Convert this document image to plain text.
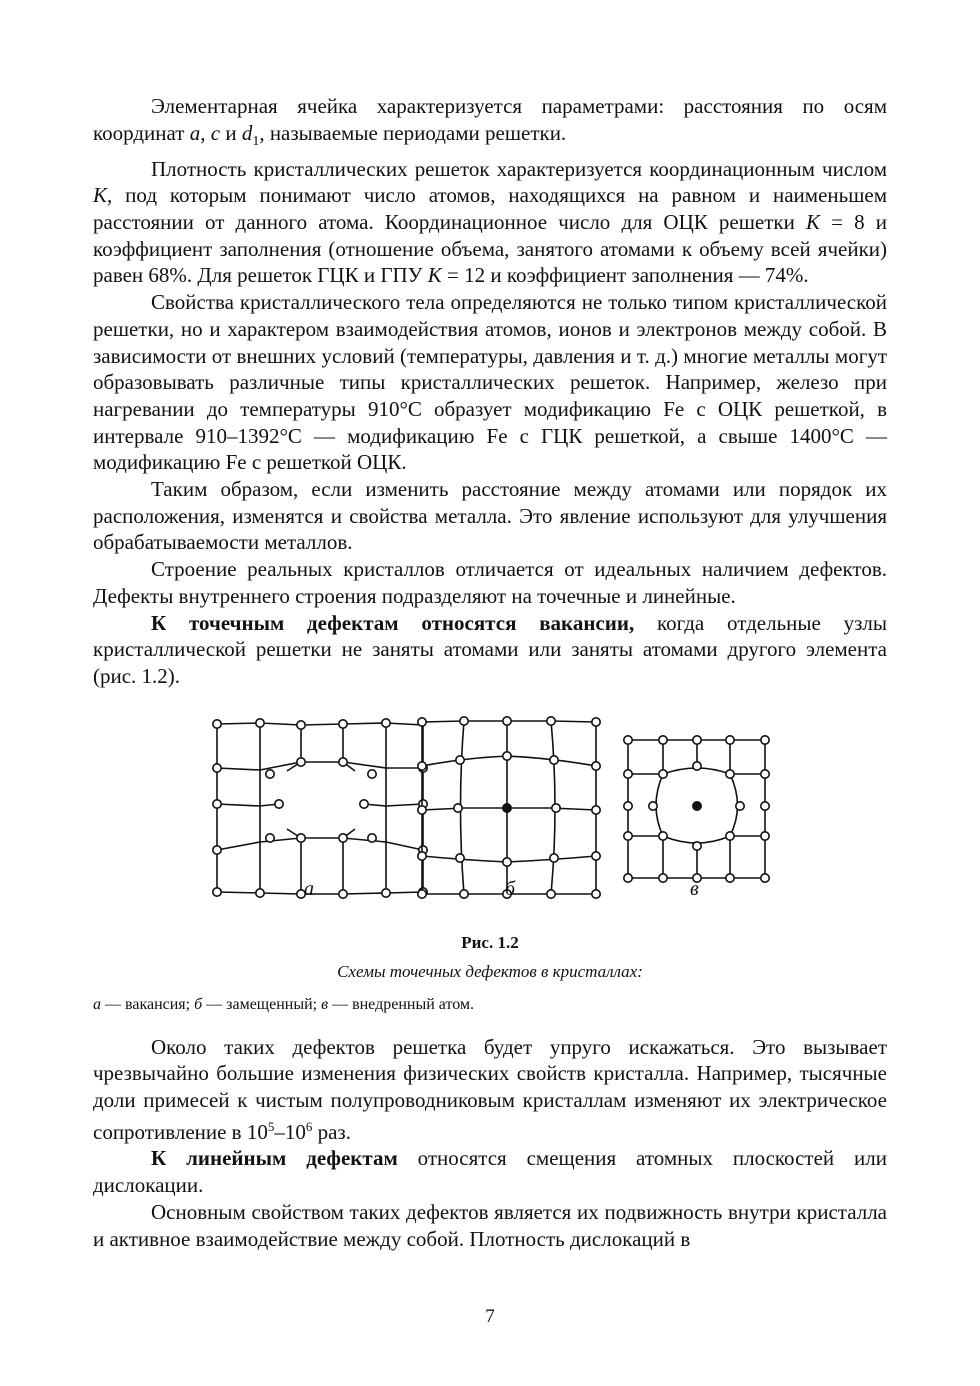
Элементарная ячейка характеризуется параметрами: расстояния по осям координат a, c и $d_1$, называемые периодами решетки.

Плотность кристаллических решеток характеризуется координационным числом K, под которым понимают число атомов, находящихся на равном и наименьшем расстоянии от данного атома. Координационное число для ОЦК решетки K = 8 и коэффициент заполнения (отношение объема, занятого атомами к объему всей ячейки) равен 68%. Для решеток ГЦК и ГПУ K = 12 и коэффициент заполнения — 74%.

Свойства кристаллического тела определяются не только типом кристаллической решетки, но и характером взаимодействия атомов, ионов и электронов между собой. В зависимости от внешних условий (температуры, давления и т. д.) многие металлы могут образовывать различные типы кристаллических решеток. Например, железо при нагревании до температуры 910°C образует модификацию Fe с ОЦК решеткой, в интервале 910–1392°C — модификацию Fe с ГЦК решеткой, а свыше 1400°C — модификацию Fe с решеткой ОЦК.

Таким образом, если изменить расстояние между атомами или порядок их расположения, изменятся и свойства металла. Это явление используют для улучшения обрабатываемости металлов.

Строение реальных кристаллов отличается от идеальных наличием дефектов. Дефекты внутреннего строения подразделяют на точечные и линейные.

К точечным дефектам относятся вакансии, когда отдельные узлы кристаллической решетки не заняты атомами или заняты атомами другого элемента (рис. 1.2).

а	б	в
Рис. 1.2
Схемы точечных дефектов в кристаллах:
а — вакансия; б — замещенный; в — внедренный атом.

Около таких дефектов решетка будет упруго искажаться. Это вызывает чрезвычайно большие изменения физических свойств кристалла. Например, тысячные доли примесей к чистым полупроводниковым кристаллам изменяют их электрическое сопротивление в $10^5-10^6$ раз.

К линейным дефектам относятся смещения атомных плоскостей или дислокации.

Основным свойством таких дефектов является их подвижность внутри кристалла и активное взаимодействие между собой. Плотность дислокаций в

7
